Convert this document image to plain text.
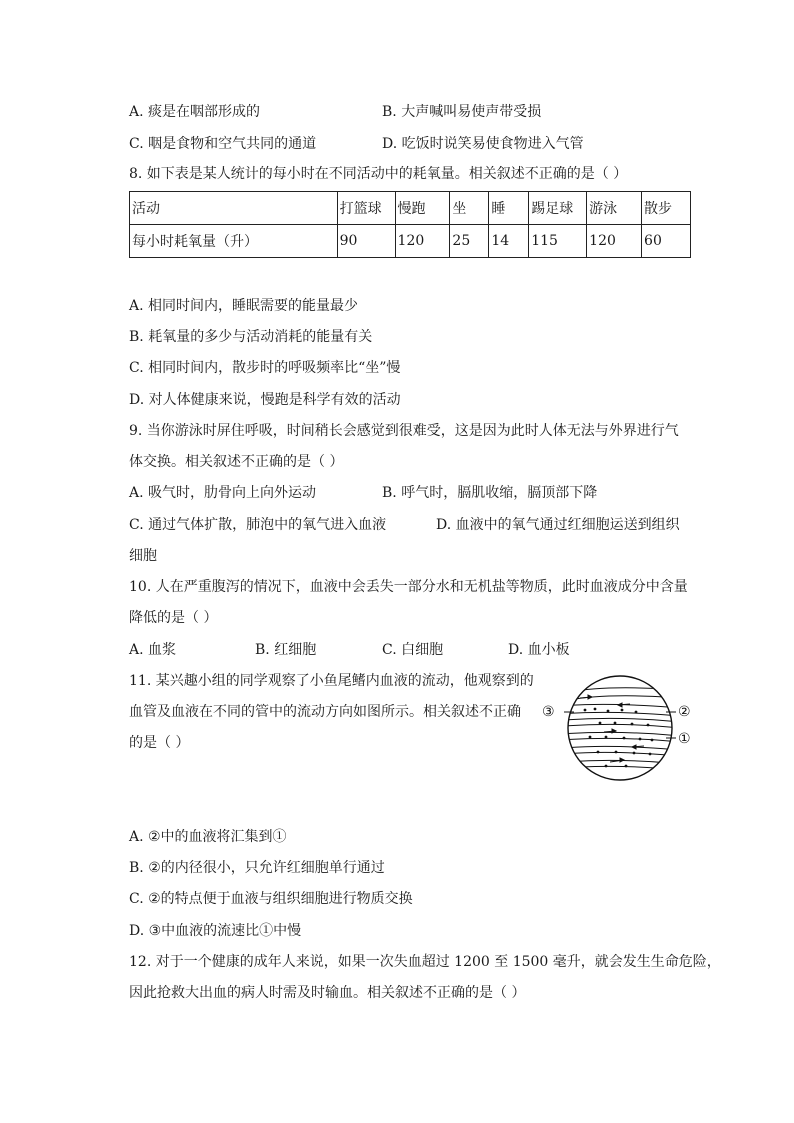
A. 痰是在咽部形成的	B. 大声喊叫易使声带受损
C. 咽是食物和空气共同的通道	D. 吃饭时说笑易使食物进入气管
8. 如下表是某人统计的每小时在不同活动中的耗氧量。相关叙述不正确的是（ ）
活动	打篮球	慢跑	坐	睡	踢足球	游泳	散步
每小时耗氧量（升）	90	120	25	14	115	120	60
A. 相同时间内，睡眠需要的能量最少
B. 耗氧量的多少与活动消耗的能量有关
C. 相同时间内，散步时的呼吸频率比“坐”慢
D. 对人体健康来说，慢跑是科学有效的活动
9. 当你游泳时屏住呼吸，时间稍长会感觉到很难受，这是因为此时人体无法与外界进行气
体交换。相关叙述不正确的是（ ）
A. 吸气时，肋骨向上向外运动	B. 呼气时，膈肌收缩，膈顶部下降
C. 通过气体扩散，肺泡中的氧气进入血液	D. 血液中的氧气通过红细胞运送到组织
细胞
10. 人在严重腹泻的情况下，血液中会丢失一部分水和无机盐等物质，此时血液成分中含量
降低的是（ ）
A. 血浆	B. 红细胞	C. 白细胞	D. 血小板
11. 某兴趣小组的同学观察了小鱼尾鳍内血液的流动，他观察到的
血管及血液在不同的管中的流动方向如图所示。相关叙述不正确
的是（ ）
③	②
①
A. ②中的血液将汇集到①
B. ②的内径很小，只允许红细胞单行通过
C. ②的特点便于血液与组织细胞进行物质交换
D. ③中血液的流速比①中慢
12. 对于一个健康的成年人来说，如果一次失血超过 1200 至 1500 毫升，就会发生生命危险，
因此抢救大出血的病人时需及时输血。相关叙述不正确的是（ ）
